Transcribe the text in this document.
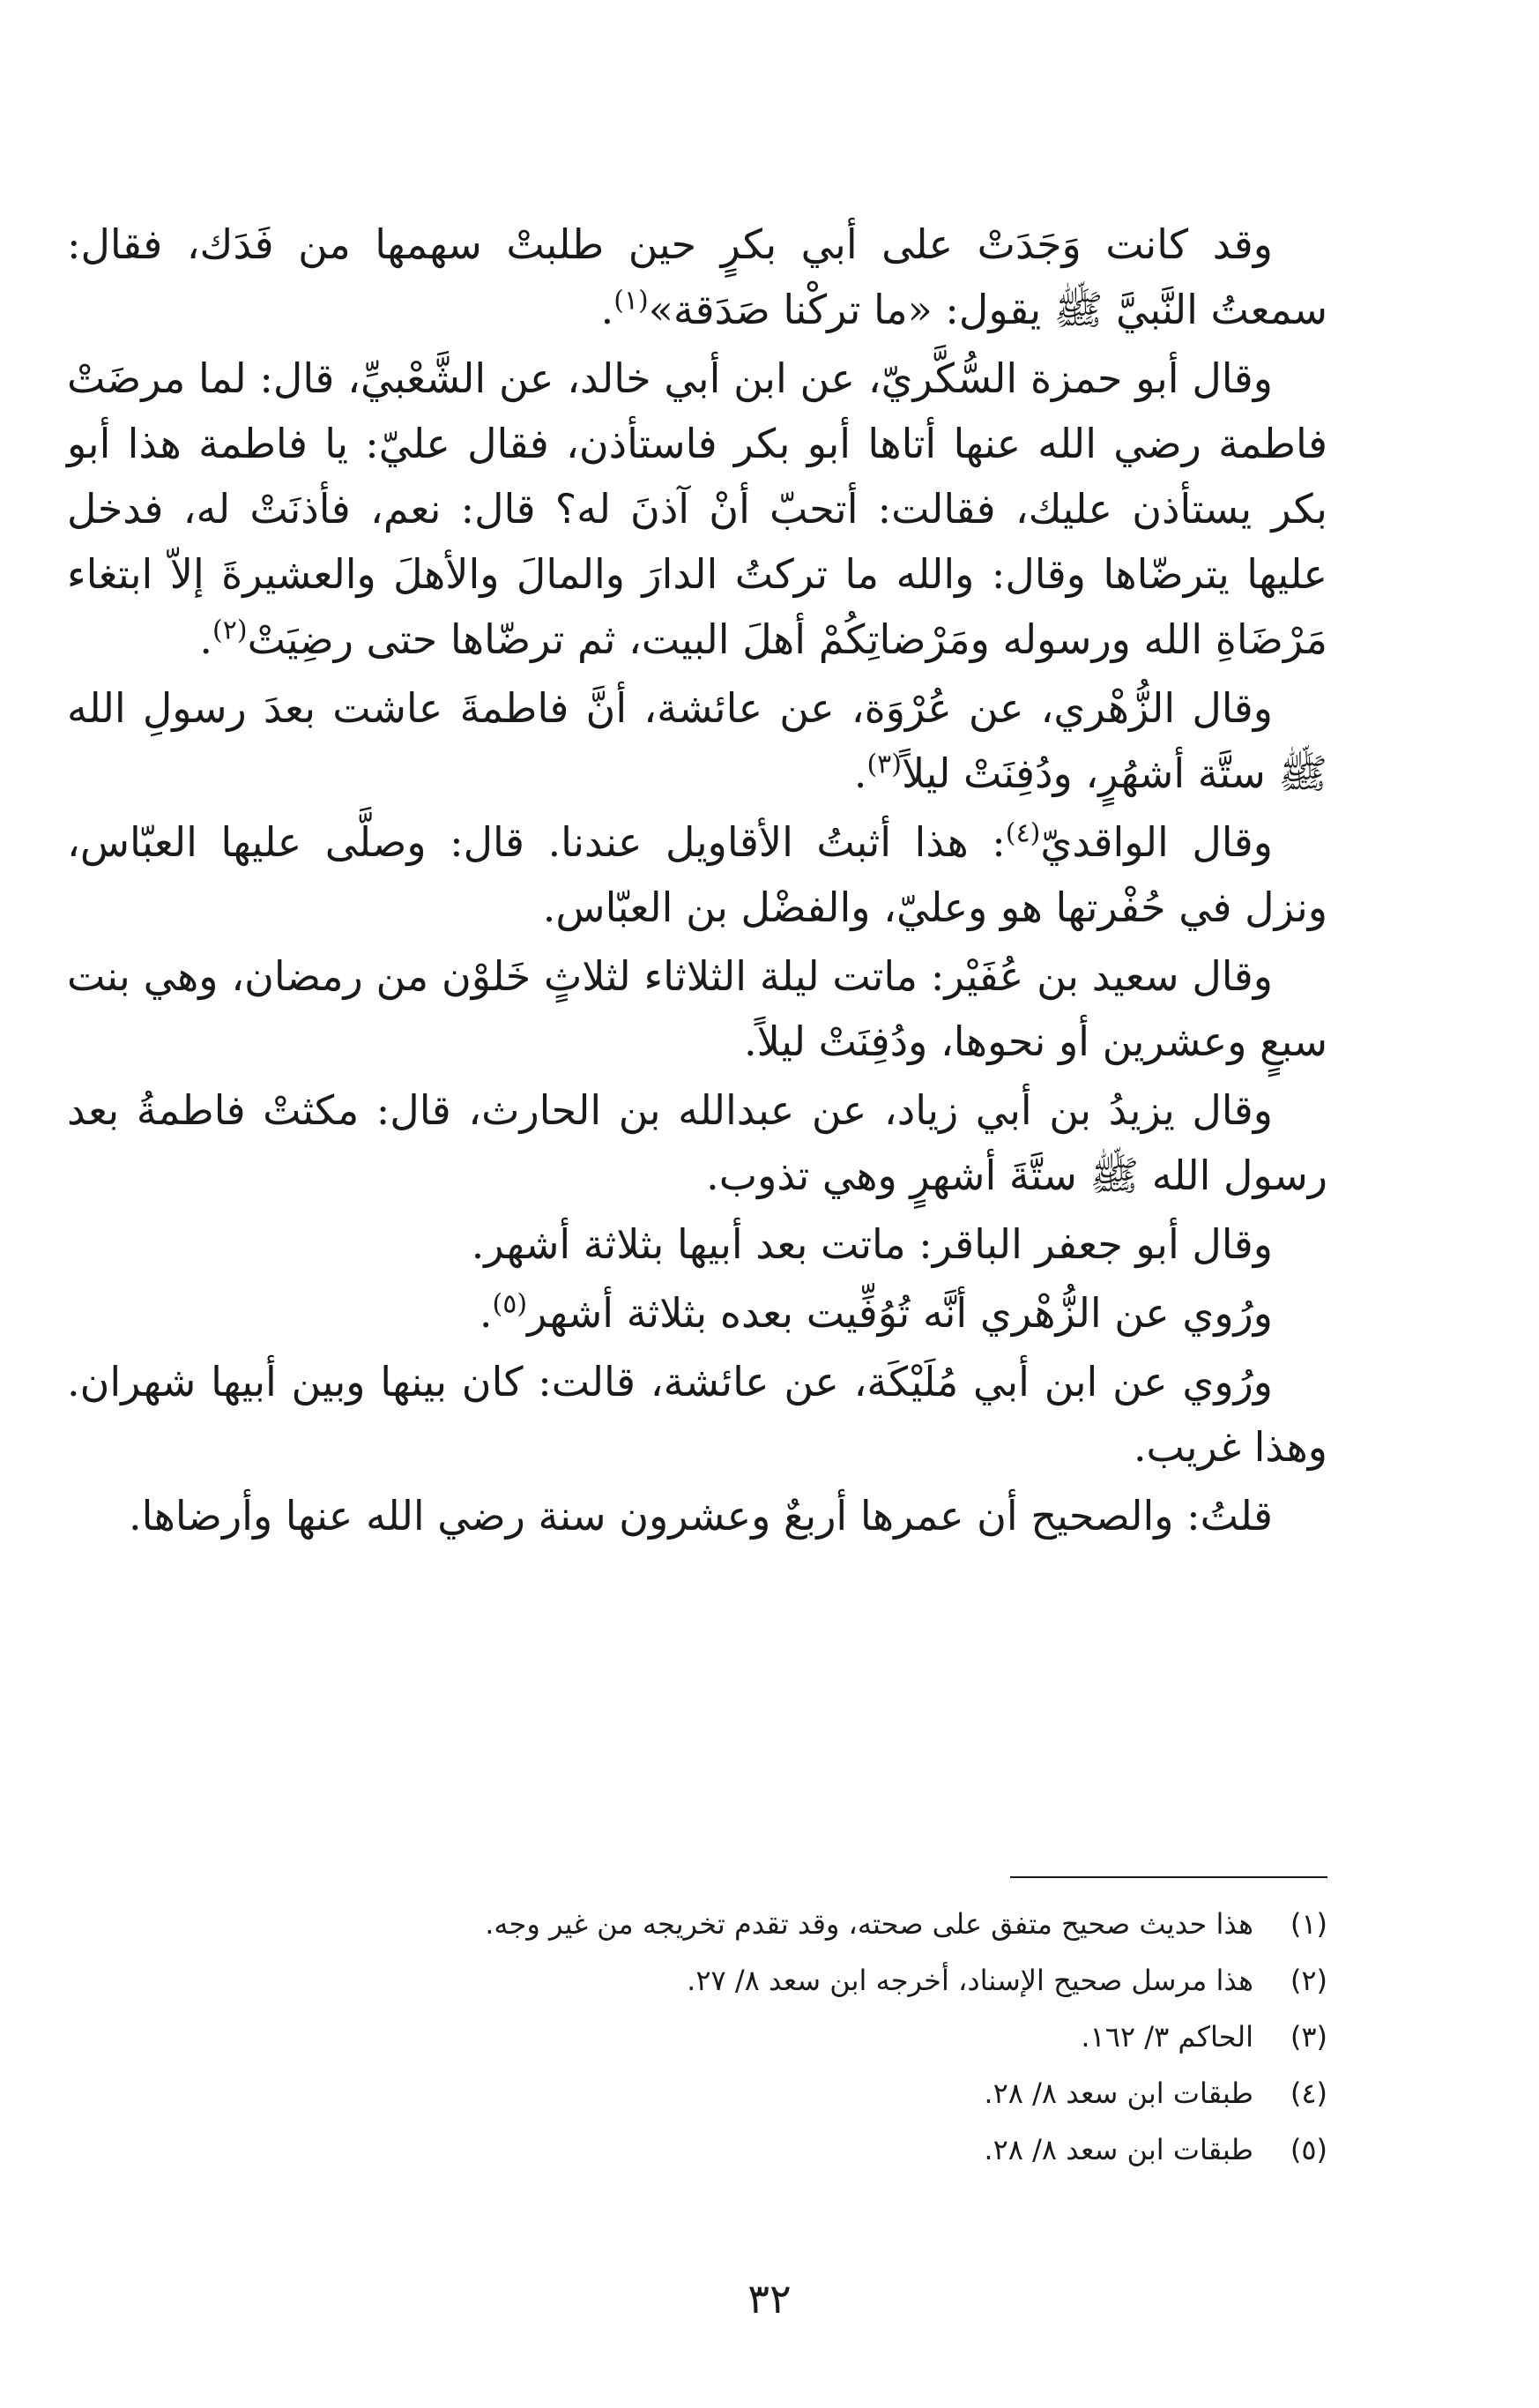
وقد كانت وَجَدَتْ على أبي بكرٍ حين طلبتْ سهمها من فَدَك، فقال: سمعتُ النَّبيَّ ﷺ يقول: «ما تركْنا صَدَقة»$^{(١)}$.

وقال أبو حمزة السُّكَّريّ، عن ابن أبي خالد، عن الشَّعْبيِّ، قال: لما مرضَتْ فاطمة رضي الله عنها أتاها أبو بكر فاستأذن، فقال عليّ: يا فاطمة هذا أبو بكر يستأذن عليك، فقالت: أتحبّ أنْ آذنَ له؟ قال: نعم، فأذنَتْ له، فدخل عليها يترضّاها وقال: والله ما تركتُ الدارَ والمالَ والأهلَ والعشيرةَ إلاّ ابتغاء مَرْضَاةِ الله ورسوله ومَرْضاتِكُمْ أهلَ البيت، ثم ترضّاها حتى رضِيَتْ$^{(٢)}$.

وقال الزُّهْري، عن عُرْوَة، عن عائشة، أنَّ فاطمةَ عاشت بعدَ رسولِ الله ﷺ ستَّة أشهُرٍ، ودُفِنَتْ ليلاً$^{(٣)}$.

وقال الواقديّ$^{(٤)}$: هذا أثبتُ الأقاويل عندنا. قال: وصلَّى عليها العبّاس، ونزل في حُفْرتها هو وعليّ، والفضْل بن العبّاس.

وقال سعيد بن عُفَيْر: ماتت ليلة الثلاثاء لثلاثٍ خَلوْن من رمضان، وهي بنت سبعٍ وعشرين أو نحوها، ودُفِنَتْ ليلاً.

وقال يزيدُ بن أبي زياد، عن عبدالله بن الحارث، قال: مكثتْ فاطمةُ بعد رسول الله ﷺ ستَّةَ أشهرٍ وهي تذوب.

وقال أبو جعفر الباقر: ماتت بعد أبيها بثلاثة أشهر.

ورُوي عن الزُّهْري أنَّه تُوُفِّيت بعده بثلاثة أشهر$^{(٥)}$.

ورُوي عن ابن أبي مُلَيْكَة، عن عائشة، قالت: كان بينها وبين أبيها شهران. وهذا غريب.

قلتُ: والصحيح أن عمرها أربعٌ وعشرون سنة رضي الله عنها وأرضاها.

(١)
هذا حديث صحيح متفق على صحته، وقد تقدم تخريجه من غير وجه.
(٢)
هذا مرسل صحيح الإسناد، أخرجه ابن سعد ٨/ ٢٧.
(٣)
الحاكم ٣/ ١٦٢.
(٤)
طبقات ابن سعد ٨/ ٢٨.
(٥)
طبقات ابن سعد ٨/ ٢٨.
٣٢
